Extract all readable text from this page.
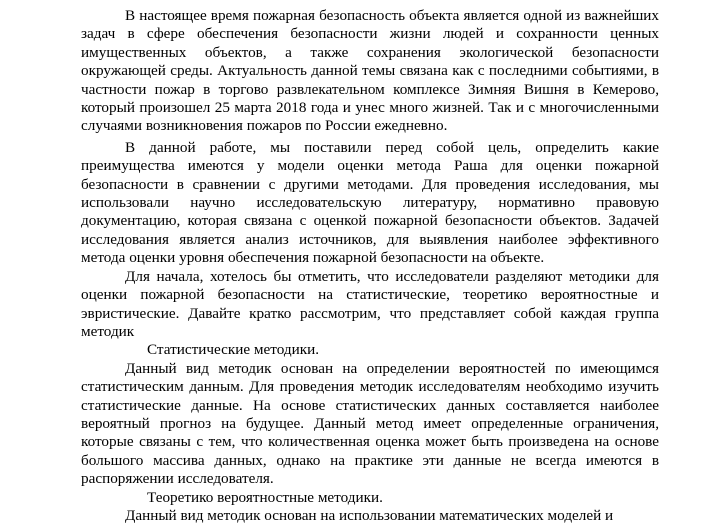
В настоящее время пожарная безопасность объекта является одной из важнейших задач в сфере обеспечения безопасности жизни людей и сохранности ценных имущественных объектов, а также сохранения экологической безопасности окружающей среды. Актуальность данной темы связана как с последними событиями, в частности пожар в торгово развлекательном комплексе Зимняя Вишня в Кемерово, который произошел 25 марта 2018 года и унес много жизней. Так и с многочисленными случаями возникновения пожаров по России ежедневно.

В данной работе, мы поставили перед собой цель, определить какие преимущества имеются у модели оценки метода Раша для оценки пожарной безопасности в сравнении с другими методами. Для проведения исследования, мы использовали научно исследовательскую литературу, нормативно правовую документацию, которая связана с оценкой пожарной безопасности объектов. Задачей исследования является анализ источников, для выявления наиболее эффективного метода оценки уровня обеспечения пожарной безопасности на объекте.

Для начала, хотелось бы отметить, что исследователи разделяют методики для оценки пожарной безопасности на статистические, теоретико вероятностные и эвристические. Давайте кратко рассмотрим, что представляет собой каждая группа методик

Статистические методики.

Данный вид методик основан на определении вероятностей по имеющимся статистическим данным. Для проведения методик исследователям необходимо изучить статистические данные. На основе статистических данных составляется наиболее вероятный прогноз на будущее. Данный метод имеет определенные ограничения, которые связаны с тем, что количественная оценка может быть произведена на основе большого массива данных, однако на практике эти данные не всегда имеются в распоряжении исследователя.

Теоретико вероятностные методики.

Данный вид методик основан на использовании математических моделей и
